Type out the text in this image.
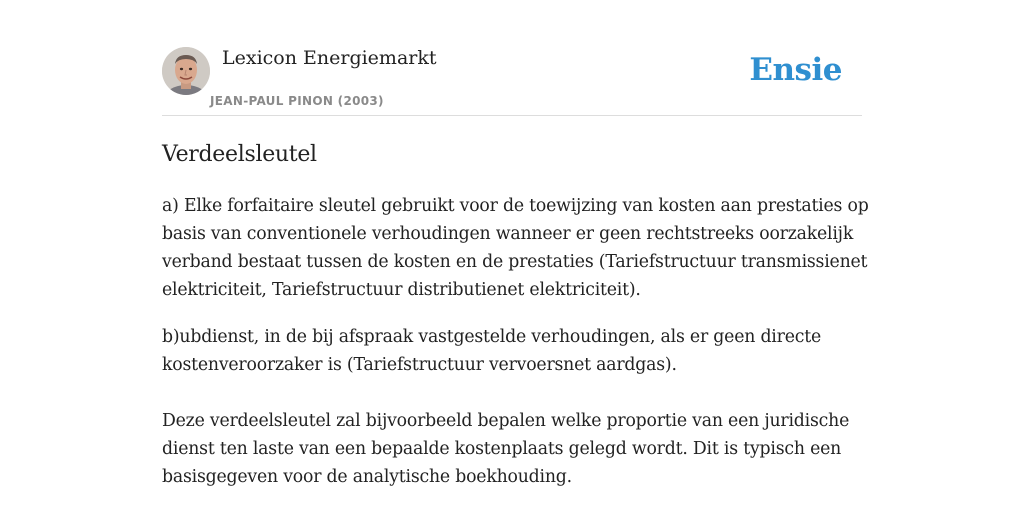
Lexicon Energiemarkt
JEAN-PAUL PINON (2003)
Ensie
Verdeelsleutel
a) Elke forfaitaire sleutel gebruikt voor de toewijzing van kosten aan prestaties op
basis van conventionele verhoudingen wanneer er geen rechtstreeks oorzakelijk
verband bestaat tussen de kosten en de prestaties (Tariefstructuur transmissienet
elektriciteit, Tariefstructuur distributienet elektriciteit).
b)ubdienst, in de bij afspraak vastgestelde verhoudingen, als er geen directe
kostenveroorzaker is (Tariefstructuur vervoersnet aardgas).
Deze verdeelsleutel zal bijvoorbeeld bepalen welke proportie van een juridische
dienst ten laste van een bepaalde kostenplaats gelegd wordt. Dit is typisch een
basisgegeven voor de analytische boekhouding.
